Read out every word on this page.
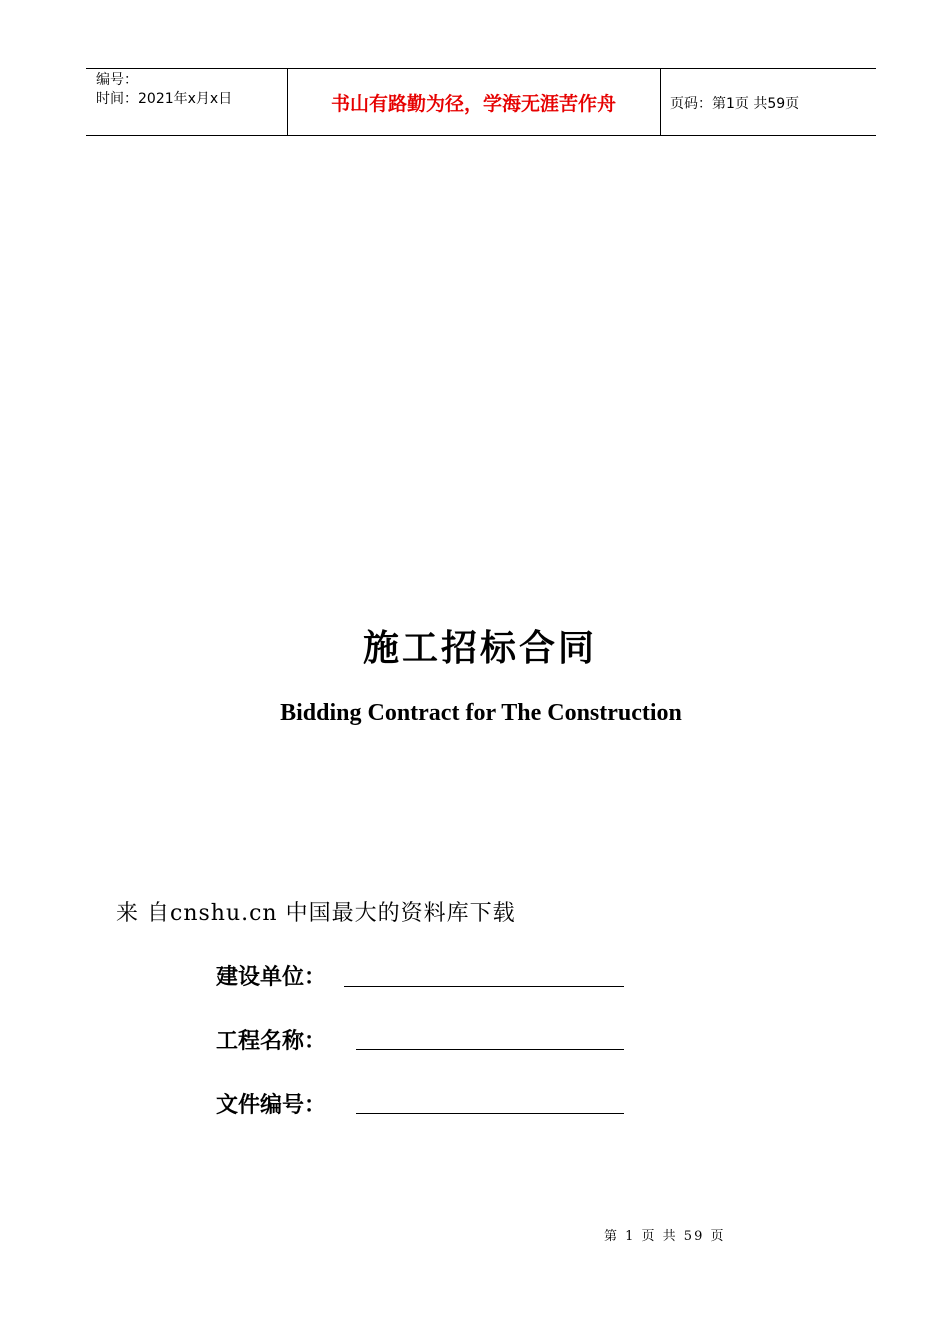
编号：
时间：2021年x月x日	书山有路勤为径，学海无涯苦作舟	页码：第1页 共59页
施工招标合同
Bidding Contract for The Construction
来 自cnshu.cn 中国最大的资料库下载
建设单位：
工程名称：
文件编号：
第 1 页 共 59 页
